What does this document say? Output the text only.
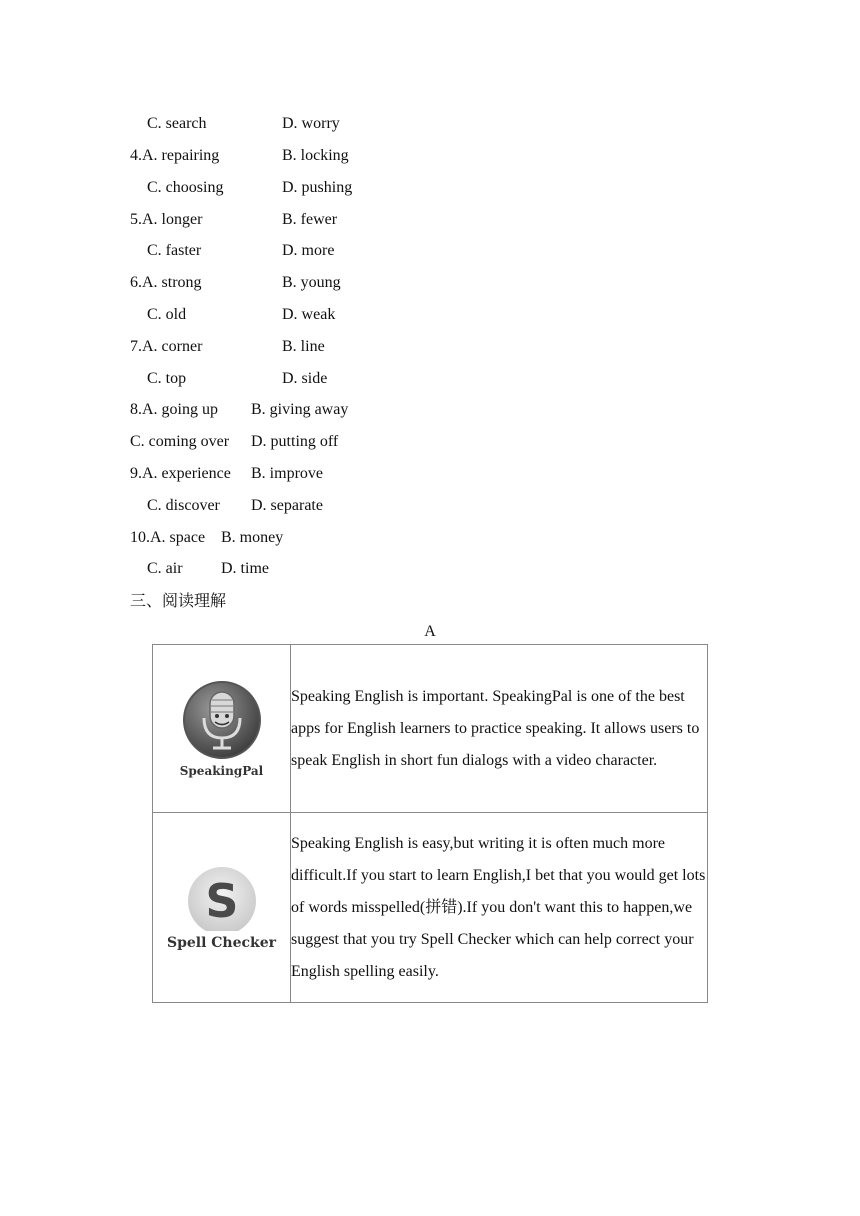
C. search	D. worry
4.A. repairing	B. locking
C. choosing	D. pushing
5.A. longer	B. fewer
C. faster	D. more
6.A. strong	B. young
C. old	D. weak
7.A. corner	B. line
C. top	D. side
8.A. going up B. giving away
C. coming over D. putting off
9.A. experience B. improve
C. discover D. separate
10.A. space B. money
C. air D. time
三、阅读理解
A
SpeakingPal	Speaking English is important. SpeakingPal is one of the best apps for English learners to practice speaking. It allows users to speak English in short fun dialogs with a video character.

S
Spell Checker	Speaking English is easy,but writing it is often much more difficult.If you start to learn English,I bet that you would get lots of words misspelled(拼错).If you don't want this to happen,we suggest that you try Spell Checker which can help correct your English spelling easily.
